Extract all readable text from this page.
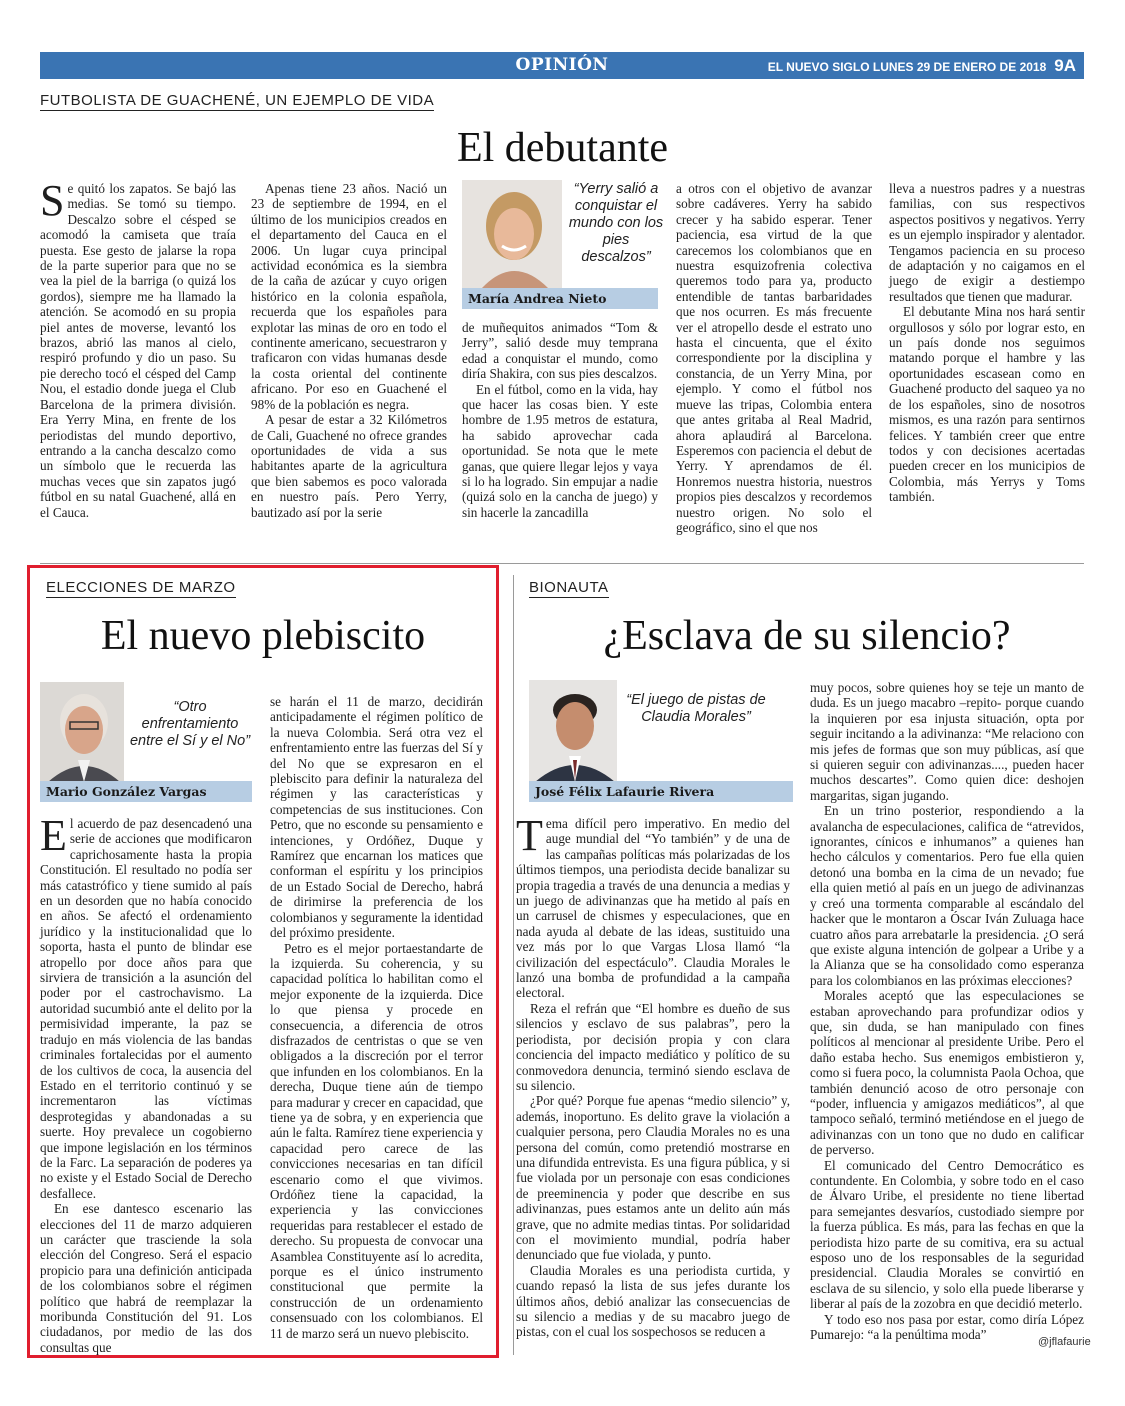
OPINIÓN	EL NUEVO SIGLO LUNES 29 DE ENERO DE 2018 9A
FUTBOLISTA DE GUACHENÉ, UN EJEMPLO DE VIDA
El debutante

Se quitó los zapatos. Se bajó las medias. Se tomó su tiempo. Descalzo sobre el césped se acomodó la camiseta que traía puesta. Ese gesto de jalarse la ropa de la parte superior para que no se vea la piel de la barriga (o quizá los gordos), siempre me ha llamado la atención. Se acomodó en su propia piel antes de moverse, levantó los brazos, abrió las manos al cielo, respiró profundo y dio un paso. Su pie derecho tocó el césped del Camp Nou, el estadio donde juega el Club Barcelona de la primera división. Era Yerry Mina, en frente de los periodistas del mundo deportivo, entrando a la cancha descalzo como un símbolo que le recuerda las muchas veces que sin zapatos jugó fútbol en su natal Guachené, allá en el Cauca.

Apenas tiene 23 años. Nació un 23 de septiembre de 1994, en el último de los municipios creados en el departamento del Cauca en el 2006. Un lugar cuya principal actividad económica es la siembra de la caña de azúcar y cuyo origen histórico en la colonia española, recuerda que los españoles para explotar las minas de oro en todo el continente americano, secuestraron y traficaron con vidas humanas desde la costa oriental del continente africano. Por eso en Guachené el 98% de la población es negra.

A pesar de estar a 32 Kilómetros de Cali, Guachené no ofrece grandes oportunidades de vida a sus habitantes aparte de la agricultura que bien sabemos es poco valorada en nuestro país. Pero Yerry, bautizado así por la serie

“Yerry salió a conquistar el mundo con los pies descalzos”
María Andrea Nieto

de muñequitos animados “Tom & Jerry”, salió desde muy temprana edad a conquistar el mundo, como diría Shakira, con sus pies descalzos.

En el fútbol, como en la vida, hay que hacer las cosas bien. Y este hombre de 1.95 metros de estatura, ha sabido aprovechar cada oportunidad. Se nota que le mete ganas, que quiere llegar lejos y vaya si lo ha logrado. Sin empujar a nadie (quizá solo en la cancha de juego) y sin hacerle la zancadilla

a otros con el objetivo de avanzar sobre cadáveres. Yerry ha sabido crecer y ha sabido esperar. Tener paciencia, esa virtud de la que carecemos los colombianos que en nuestra esquizofrenia colectiva queremos todo para ya, producto entendible de tantas barbaridades que nos ocurren. Es más frecuente ver el atropello desde el estrato uno hasta el cincuenta, que el éxito correspondiente por la disciplina y constancia, de un Yerry Mina, por ejemplo. Y como el fútbol nos mueve las tripas, Colombia entera que antes gritaba al Real Madrid, ahora aplaudirá al Barcelona. Esperemos con paciencia el debut de Yerry. Y aprendamos de él. Honremos nuestra historia, nuestros propios pies descalzos y recordemos nuestro origen. No solo el geográfico, sino el que nos

llevа a nuestros padres y a nuestras familias, con sus respectivos aspectos positivos y negativos. Yerry es un ejemplo inspirador y alentador. Tengamos paciencia en su proceso de adaptación y no caigamos en el juego de exigir a destiempo resultados que tienen que madurar.

El debutante Mina nos hará sentir orgullosos y sólo por lograr esto, en un país donde nos seguimos matando porque el hambre y las oportunidades escasean como en Guachené producto del saqueo ya no de los españoles, sino de nosotros mismos, es una razón para sentirnos felices. Y también creer que entre todos y con decisiones acertadas pueden crecer en los municipios de Colombia, más Yerrys y Toms también.

ELECCIONES DE MARZO
El nuevo plebiscito
“Otro enfrentamiento entre el Sí y el No”
Mario González Vargas

El acuerdo de paz desencadenó una serie de acciones que modificaron caprichosamente hasta la propia Constitución. El resultado no podía ser más catastrófico y tiene sumido al país en un desorden que no había conocido en años. Se afectó el ordenamiento jurídico y la institucionalidad que lo soporta, hasta el punto de blindar ese atropello por doce años para que sirviera de transición a la asunción del poder por el castrochavismo. La autoridad sucumbió ante el delito por la permisividad imperante, la paz se tradujo en más violencia de las bandas criminales fortalecidas por el aumento de los cultivos de coca, la ausencia del Estado en el territorio continuó y se incrementaron las víctimas desprotegidas y abandonadas a su suerte. Hoy prevalece un cogobierno que impone legislación en los términos de la Farc. La separación de poderes ya no existe y el Estado Social de Derecho desfallece.

En ese dantesco escenario las elecciones del 11 de marzo adquieren un carácter que trasciende la sola elección del Congreso. Será el espacio propicio para una definición anticipada de los colombianos sobre el régimen político que habrá de reemplazar la moribunda Constitución del 91. Los ciudadanos, por medio de las dos consultas que

se harán el 11 de marzo, decidirán anticipadamente el régimen político de la nueva Colombia. Será otra vez el enfrentamiento entre las fuerzas del Sí y del No que se expresaron en el plebiscito para definir la naturaleza del régimen y las características y competencias de sus instituciones. Con Petro, que no esconde su pensamiento e intenciones, y Ordóñez, Duque y Ramírez que encarnan los matices que conforman el espíritu y los principios de un Estado Social de Derecho, habrá de dirimirse la preferencia de los colombianos y seguramente la identidad del próximo presidente.

Petro es el mejor portaestandarte de la izquierda. Su coherencia, y su capacidad política lo habilitan como el mejor exponente de la izquierda. Dice lo que piensa y procede en consecuencia, a diferencia de otros disfrazados de centristas o que se ven obligados a la discreción por el terror que infunden en los colombianos. En la derecha, Duque tiene aún de tiempo para madurar y crecer en capacidad, que tiene ya de sobra, y en experiencia que aún le falta. Ramírez tiene experiencia y capacidad pero carece de las convicciones necesarias en tan difícil escenario como el que vivimos. Ordóñez tiene la capacidad, la experiencia y las convicciones requeridas para restablecer el estado de derecho. Su propuesta de convocar una Asamblea Constituyente así lo acredita, porque es el único instrumento constitucional que permite la construcción de un ordenamiento consensuado con los colombianos. El 11 de marzo será un nuevo plebiscito.

BIONAUTA
¿Esclava de su silencio?
“El juego de pistas de Claudia Morales”
José Félix Lafaurie Rivera

Tema difícil pero imperativo. En medio del auge mundial del “Yo también” y de una de las campañas políticas más polarizadas de los últimos tiempos, una periodista decide banalizar su propia tragedia a través de una denuncia a medias y un juego de adivinanzas que ha metido al país en un carrusel de chismes y especulaciones, que en nada ayuda al debate de las ideas, sustituido una vez más por lo que Vargas Llosa llamó “la civilización del espectáculo”. Claudia Morales le lanzó una bomba de profundidad a la campaña electoral.

Reza el refrán que “El hombre es dueño de sus silencios y esclavo de sus palabras”, pero la periodista, por decisión propia y con clara conciencia del impacto mediático y político de su conmovedora denuncia, terminó siendo esclava de su silencio.

¿Por qué? Porque fue apenas “medio silencio” y, además, inoportuno. Es delito grave la violación a cualquier persona, pero Claudia Morales no es una persona del común, como pretendió mostrarse en una difundida entrevista. Es una figura pública, y si fue violada por un personaje con esas condiciones de preeminencia y poder que describe en sus adivinanzas, pues estamos ante un delito aún más grave, que no admite medias tintas. Por solidaridad con el movimiento mundial, podría haber denunciado que fue violada, y punto.

Claudia Morales es una periodista curtida, y cuando repasó la lista de sus jefes durante los últimos años, debió analizar las consecuencias de su silencio a medias y de su macabro juego de pistas, con el cual los sospechosos se reducen a

muy pocos, sobre quienes hoy se teje un manto de duda. Es un juego macabro –repito- porque cuando la inquieren por esa injusta situación, opta por seguir incitando a la adivinanza: “Me relaciono con mis jefes de formas que son muy públicas, así que si quieren seguir con adivinanzas...., pueden hacer muchos descartes”. Como quien dice: deshojen margaritas, sigan jugando.

En un trino posterior, respondiendo a la avalancha de especulaciones, califica de “atrevidos, ignorantes, cínicos e inhumanos” a quienes han hecho cálculos y comentarios. Pero fue ella quien detonó una bomba en la cima de un nevado; fue ella quien metió al país en un juego de adivinanzas y creó una tormenta comparable al escándalo del hacker que le montaron a Óscar Iván Zuluaga hace cuatro años para arrebatarle la presidencia. ¿O será que existe alguna intención de golpear a Uribe y a la Alianza que se ha consolidado como esperanza para los colombianos en las próximas elecciones?

Morales aceptó que las especulaciones se estaban aprovechando para profundizar odios y que, sin duda, se han manipulado con fines políticos al mencionar al presidente Uribe. Pero el daño estaba hecho. Sus enemigos embistieron y, como si fuera poco, la columnista Paola Ochoa, que también denunció acoso de otro personaje con “poder, influencia y amigazos mediáticos”, al que tampoco señaló, terminó metiéndose en el juego de adivinanzas con un tono que no dudo en calificar de perverso.

El comunicado del Centro Democrático es contundente. En Colombia, y sobre todo en el caso de Álvaro Uribe, el presidente no tiene libertad para semejantes desvaríos, custodiado siempre por la fuerza pública. Es más, para las fechas en que la periodista hizo parte de su comitiva, era su actual esposo uno de los responsables de la seguridad presidencial. Claudia Morales se convirtió en esclava de su silencio, y solo ella puede liberarse y liberar al país de la zozobra en que decidió meterlo.

Y todo eso nos pasa por estar, como diría López Pumarejo: “a la penúltima moda”	@jflafaurie
